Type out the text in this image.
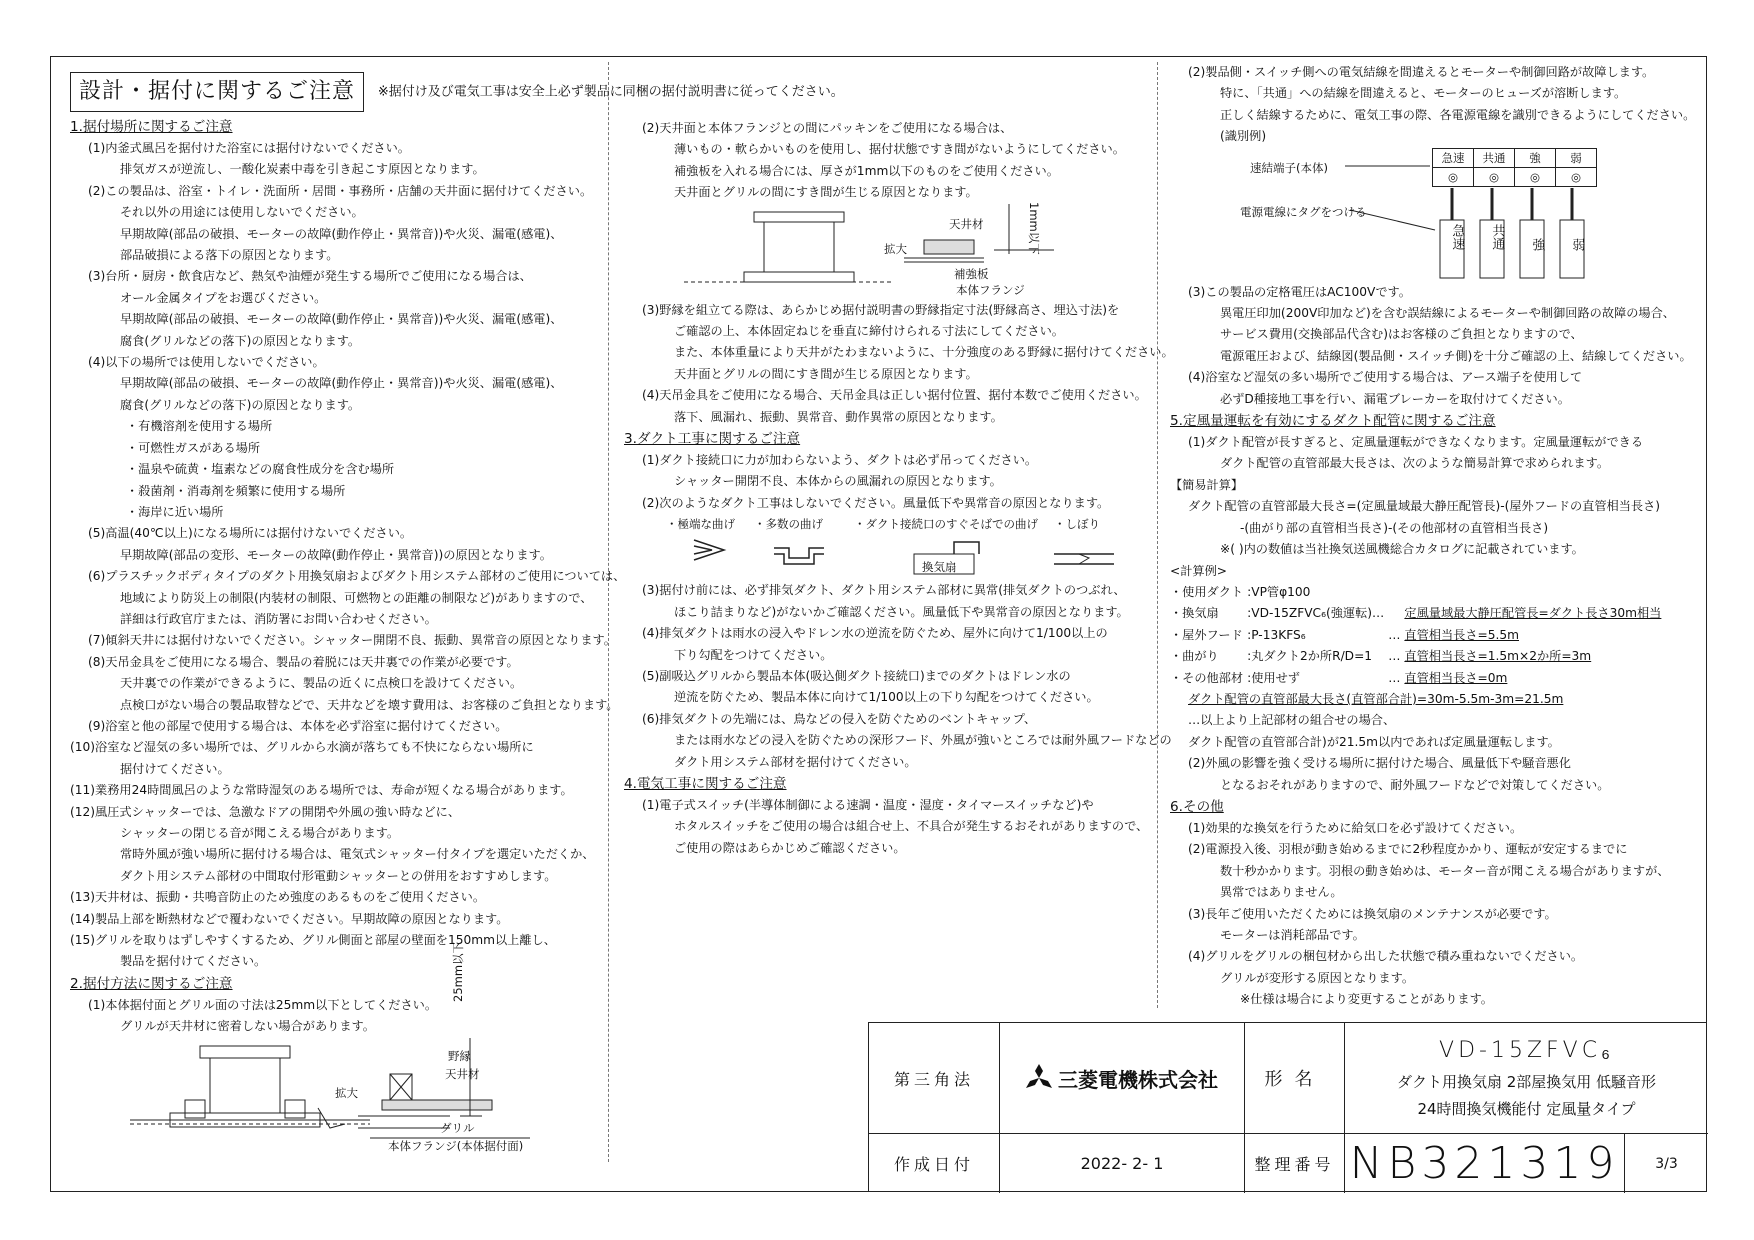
設計・据付に関するご注意 ※据付け及び電気工事は安全上必ず製品に同梱の据付説明書に従ってください。

1.据付場所に関するご注意

(1)内釜式風呂を据付けた浴室には据付けないでください。

排気ガスが逆流し、一酸化炭素中毒を引き起こす原因となります。

(2)この製品は、浴室・トイレ・洗面所・居間・事務所・店舗の天井面に据付けてください。

それ以外の用途には使用しないでください。

早期故障(部品の破損、モーターの故障(動作停止・異常音))や火災、漏電(感電)、

部品破損による落下の原因となります。

(3)台所・厨房・飲食店など、熱気や油煙が発生する場所でご使用になる場合は、

オール金属タイプをお選びください。

早期故障(部品の破損、モーターの故障(動作停止・異常音))や火災、漏電(感電)、

腐食(グリルなどの落下)の原因となります。

(4)以下の場所では使用しないでください。

早期故障(部品の破損、モーターの故障(動作停止・異常音))や火災、漏電(感電)、

腐食(グリルなどの落下)の原因となります。

・有機溶剤を使用する場所

・可燃性ガスがある場所

・温泉や硫黄・塩素などの腐食性成分を含む場所

・殺菌剤・消毒剤を頻繁に使用する場所

・海岸に近い場所

(5)高温(40℃以上)になる場所には据付けないでください。

早期故障(部品の変形、モーターの故障(動作停止・異常音))の原因となります。

(6)プラスチックボディタイプのダクト用換気扇およびダクト用システム部材のご使用については、

地域により防災上の制限(内装材の制限、可燃物との距離の制限など)がありますので、

詳細は行政官庁または、消防署にお問い合わせください。

(7)傾斜天井には据付けないでください。シャッター開閉不良、振動、異常音の原因となります。

(8)天吊金具をご使用になる場合、製品の着脱には天井裏での作業が必要です。

天井裏での作業ができるように、製品の近くに点検口を設けてください。

点検口がない場合の製品取替などで、天井などを壊す費用は、お客様のご負担となります。

(9)浴室と他の部屋で使用する場合は、本体を必ず浴室に据付けてください。

(10)浴室など湿気の多い場所では、グリルから水滴が落ちても不快にならない場所に

据付けてください。

(11)業務用24時間風呂のような常時湿気のある場所では、寿命が短くなる場合があります。

(12)風圧式シャッターでは、急激なドアの開閉や外風の強い時などに、

シャッターの閉じる音が聞こえる場合があります。

常時外風が強い場所に据付ける場合は、電気式シャッター付タイプを選定いただくか、

ダクト用システム部材の中間取付形電動シャッターとの併用をおすすめします。

(13)天井材は、振動・共鳴音防止のため強度のあるものをご使用ください。

(14)製品上部を断熱材などで覆わないでください。早期故障の原因となります。

(15)グリルを取りはずしやすくするため、グリル側面と部屋の壁面を150mm以上離し、

製品を据付けてください。

2.据付方法に関するご注意

(1)本体据付面とグリル面の寸法は25mm以下としてください。

グリルが天井材に密着しない場合があります。

25mm以下
野縁
天井材
拡大
グリル
本体フランジ(本体据付面)

(2)天井面と本体フランジとの間にパッキンをご使用になる場合は、

薄いもの・軟らかいものを使用し、据付状態ですき間がないようにしてください。

補強板を入れる場合には、厚さが1mm以下のものをご使用ください。

天井面とグリルの間にすき間が生じる原因となります。

天井材
拡大
補強板
本体フランジ
1mm以下

(3)野縁を組立てる際は、あらかじめ据付説明書の野縁指定寸法(野縁高さ、埋込寸法)を

ご確認の上、本体固定ねじを垂直に締付けられる寸法にしてください。

また、本体重量により天井がたわまないように、十分強度のある野縁に据付けてください。

天井面とグリルの間にすき間が生じる原因となります。

(4)天吊金具をご使用になる場合、天吊金具は正しい据付位置、据付本数でご使用ください。

落下、風漏れ、振動、異常音、動作異常の原因となります。

3.ダクト工事に関するご注意

(1)ダクト接続口に力が加わらないよう、ダクトは必ず吊ってください。

シャッター開閉不良、本体からの風漏れの原因となります。

(2)次のようなダクト工事はしないでください。風量低下や異常音の原因となります。

・極端な曲げ ・多数の曲げ	・ダクト接続口のすぐそばでの曲げ ・しぼり
換気扇

(3)据付け前には、必ず排気ダクト、ダクト用システム部材に異常(排気ダクトのつぶれ、

ほこり詰まりなど)がないかご確認ください。風量低下や異常音の原因となります。

(4)排気ダクトは雨水の浸入やドレン水の逆流を防ぐため、屋外に向けて1/100以上の

下り勾配をつけてください。

(5)副吸込グリルから製品本体(吸込側ダクト接続口)までのダクトはドレン水の

逆流を防ぐため、製品本体に向けて1/100以上の下り勾配をつけてください。

(6)排気ダクトの先端には、鳥などの侵入を防ぐためのベントキャップ、

または雨水などの浸入を防ぐための深形フード、外風が強いところでは耐外風フードなどの

ダクト用システム部材を据付けてください。

4.電気工事に関するご注意

(1)電子式スイッチ(半導体制御による速調・温度・湿度・タイマースイッチなど)や

ホタルスイッチをご使用の場合は組合せ上、不具合が発生するおそれがありますので、

ご使用の際はあらかじめご確認ください。

(2)製品側・スイッチ側への電気結線を間違えるとモーターや制御回路が故障します。

特に、「共通」への結線を間違えると、モーターのヒューズが溶断します。

正しく結線するために、電気工事の際、各電源電線を識別できるようにしてください。

(識別例)

速結端子(本体)
急速
◎
共通
◎
強
◎
弱
◎
電源電線にタグをつける
急速 共通 強 弱

(3)この製品の定格電圧はAC100Vです。

異電圧印加(200V印加など)を含む誤結線によるモーターや制御回路の故障の場合、

サービス費用(交換部品代含む)はお客様のご負担となりますので、

電源電圧および、結線図(製品側・スイッチ側)を十分ご確認の上、結線してください。

(4)浴室など湿気の多い場所でご使用する場合は、アース端子を使用して

必ずD種接地工事を行い、漏電ブレーカーを取付けてください。

5.定風量運転を有効にするダクト配管に関するご注意

(1)ダクト配管が長すぎると、定風量運転ができなくなります。定風量運転ができる

ダクト配管の直管部最大長さは、次のような簡易計算で求められます。

【簡易計算】

ダクト配管の直管部最大長さ=(定風量域最大静圧配管長)-(屋外フードの直管相当長さ)

-(曲がり部の直管相当長さ)-(その他部材の直管相当長さ)

※( )内の数値は当社換気送風機総合カタログに記載されています。

<計算例>

・使用ダクト	:VP管φ100		
・換気扇	:VD-15ZFVC₆(強運転)…		定風量域最大静圧配管長=ダクト長さ30m相当
・屋外フード	:P-13KFS₆	…	直管相当長さ=5.5m
・曲がり	:丸ダクト2か所R/D=1	…	直管相当長さ=1.5m×2か所=3m
・その他部材	:使用せず	…	直管相当長さ=0m

ダクト配管の直管部最大長さ(直管部合計)=30m-5.5m-3m=21.5m

…以上より上記部材の組合せの場合、

ダクト配管の直管部合計)が21.5m以内であれば定風量運転します。

(2)外風の影響を強く受ける場所に据付けた場合、風量低下や騒音悪化

となるおそれがありますので、耐外風フードなどで対策してください。

6.その他

(1)効果的な換気を行うために給気口を必ず設けてください。

(2)電源投入後、羽根が動き始めるまでに2秒程度かかり、運転が安定するまでに

数十秒かかります。羽根の動き始めは、モーター音が聞こえる場合がありますが、

異常ではありません。

(3)長年ご使用いただくためには換気扇のメンテナンスが必要です。

モーターは消耗部品です。

(4)グリルをグリルの梱包材から出した状態で積み重ねないでください。

グリルが変形する原因となります。

※仕様は場合により変更することがあります。

第三角法	三菱電機株式会社	形名
VD-15ZFVC₆
ダクト用換気扇 2部屋換気用 低騒音形
24時間換気機能付 定風量タイプ
作成日付	2022- 2- 1	整理番号 NB321319	3/3
